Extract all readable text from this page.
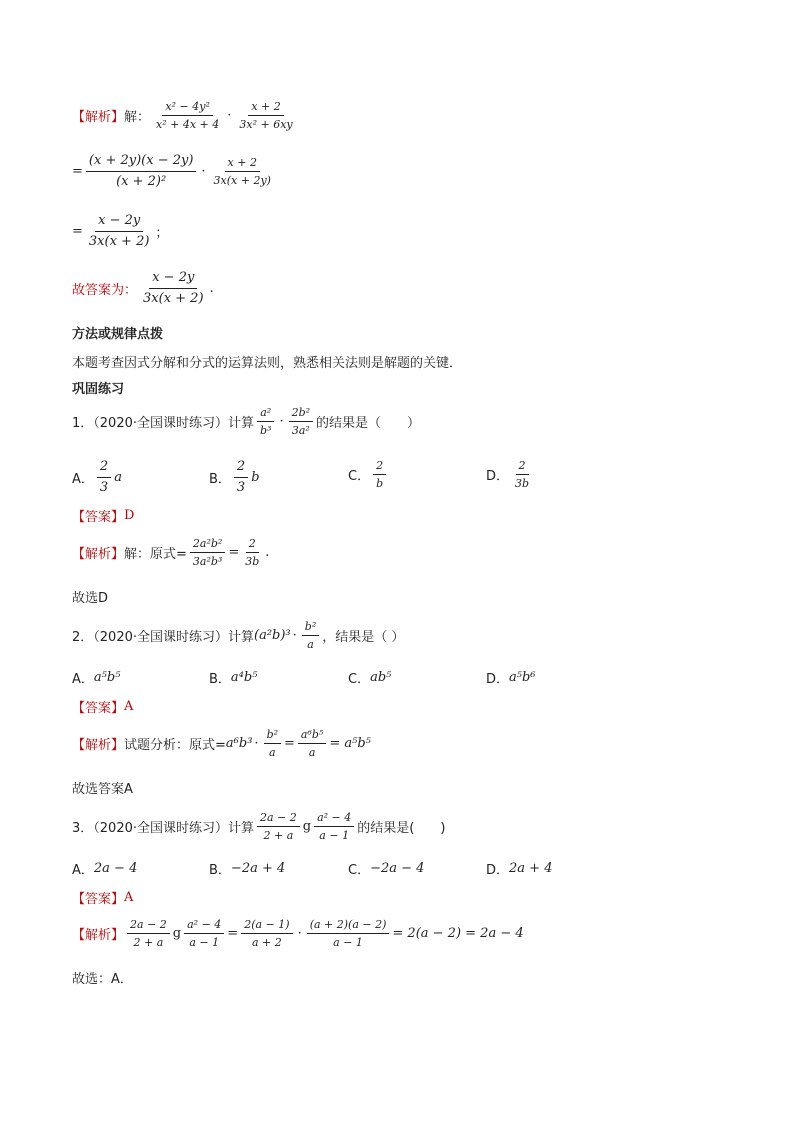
【解析】 解： $\frac{\text{x² − 4y²}}{\text{x² + 4x + 4}} \cdot \frac{x + 2}{\text{3x² + 6xy}}$
= $\frac{(x + 2y)(x - 2y)}{\text{(x + 2)²}} \cdot \frac{x + 2}{3x(x + 2y)}$
= $\frac{x - 2y}{3x(x + 2)}$ ；
故答案为： $\frac{x - 2y}{3x(x + 2)}$ .
方法或规律点拨
本题考查因式分解和分式的运算法则，熟悉相关法则是解题的关键．
巩固练习
1．（2020·全国课时练习）计算 $\frac{\text{a²}}{\text{b³}} \cdot \frac{\text{2b²}}{\text{3a²}}$ 的结果是（　　）
A． $\frac{2}{3}$ a	B． $\frac{2}{3}$ b	C． $\frac{2}{b}$	D． $\frac{2}{3b}$
【答案】 D
【解析】 解：原式= $\frac{\text{2a²b²}}{\text{3a²b³}} = \frac{2}{3b}$ .
故选D
2．（2020·全国课时练习）计算 $(a^2b)^3 \cdot \frac{\text{b²}}{a}$ ，结果是（ ）
A． a⁵b⁵	B． a⁴b⁵	C． ab⁵	D． a⁵b⁶
【答案】 A
【解析】 试题分析：原式= $a^6b^3 \cdot \frac{\text{b²}}{a} = \frac{\text{a⁶b⁵}}{a} = a^5b^5$
故选答案A
3．（2020·全国课时练习）计算 $\frac{2a - 2}{2 + a}$ g $\frac{\text{a² − 4}}{a - 1}$ 的结果是(　　)
A． 2a − 4	B． −2a + 4	C． −2a − 4	D． 2a + 4
【答案】 A
【解析】 $\frac{2a - 2}{2 + a}$ g $\frac{\text{a² − 4}}{a - 1} = \frac{2(a - 1)}{a + 2} \cdot \frac{(a + 2)(a - 2)}{a - 1} = 2(a - 2) = 2a - 4$
故选：A．
